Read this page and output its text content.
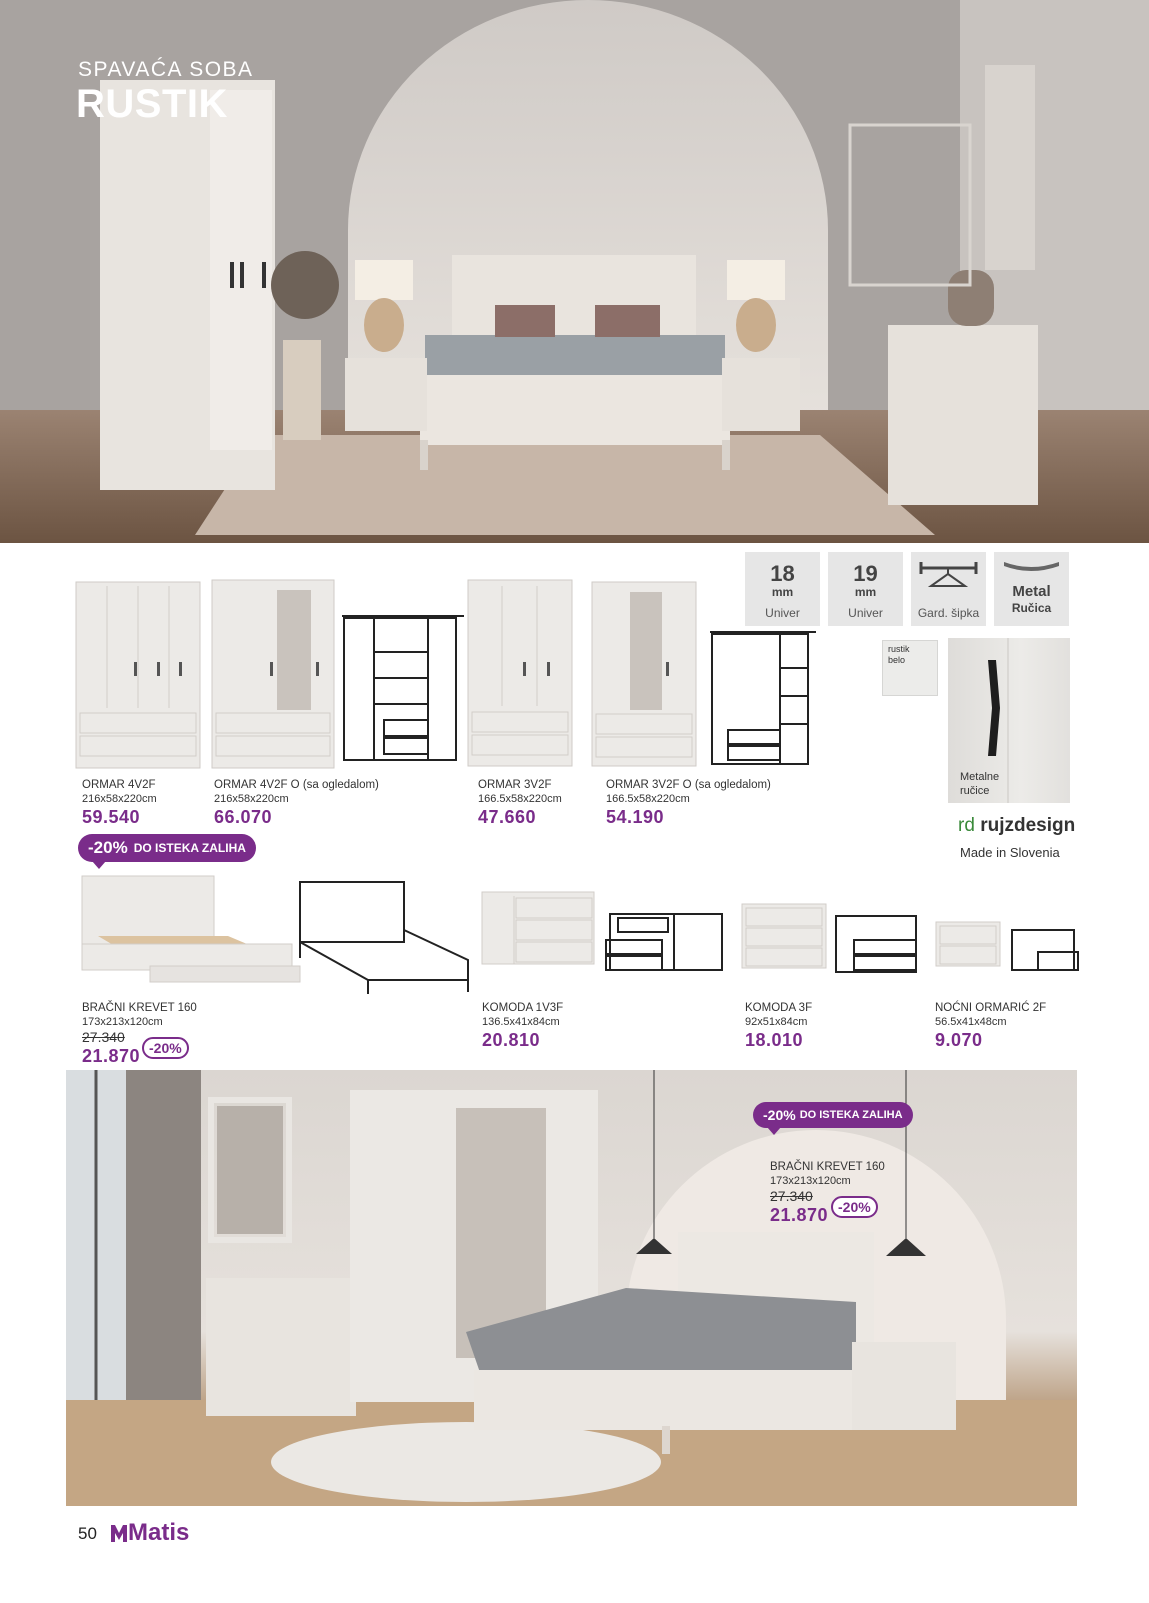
SPAVAĆA SOBA
RUSTIK
ORMAR 4V2F
216x58x220cm
59.540
ORMAR 4V2F O (sa ogledalom)
216x58x220cm
66.070
ORMAR 3V2F
166.5x58x220cm
47.660
ORMAR 3V2F O (sa ogledalom)
166.5x58x220cm
54.190
-20% DO ISTEKA ZALIHA
18
mm
Univer
19
mm
Univer	Gard. šipka
Metal
Ručica
rustik belo
Metalne ručice
rd rujzdesign
Made in Slovenia
BRAČNI KREVET 160
173x213x120cm
27.340
21.870 -20%
KOMODA 1V3F
136.5x41x84cm
20.810
KOMODA 3F
92x51x84cm
18.010
NOĆNI ORMARIĆ 2F
56.5x41x48cm
9.070
-20% DO ISTEKA ZALIHA
BRAČNI KREVET 160
173x213x120cm
27.340
21.870 -20%
50 Matis
